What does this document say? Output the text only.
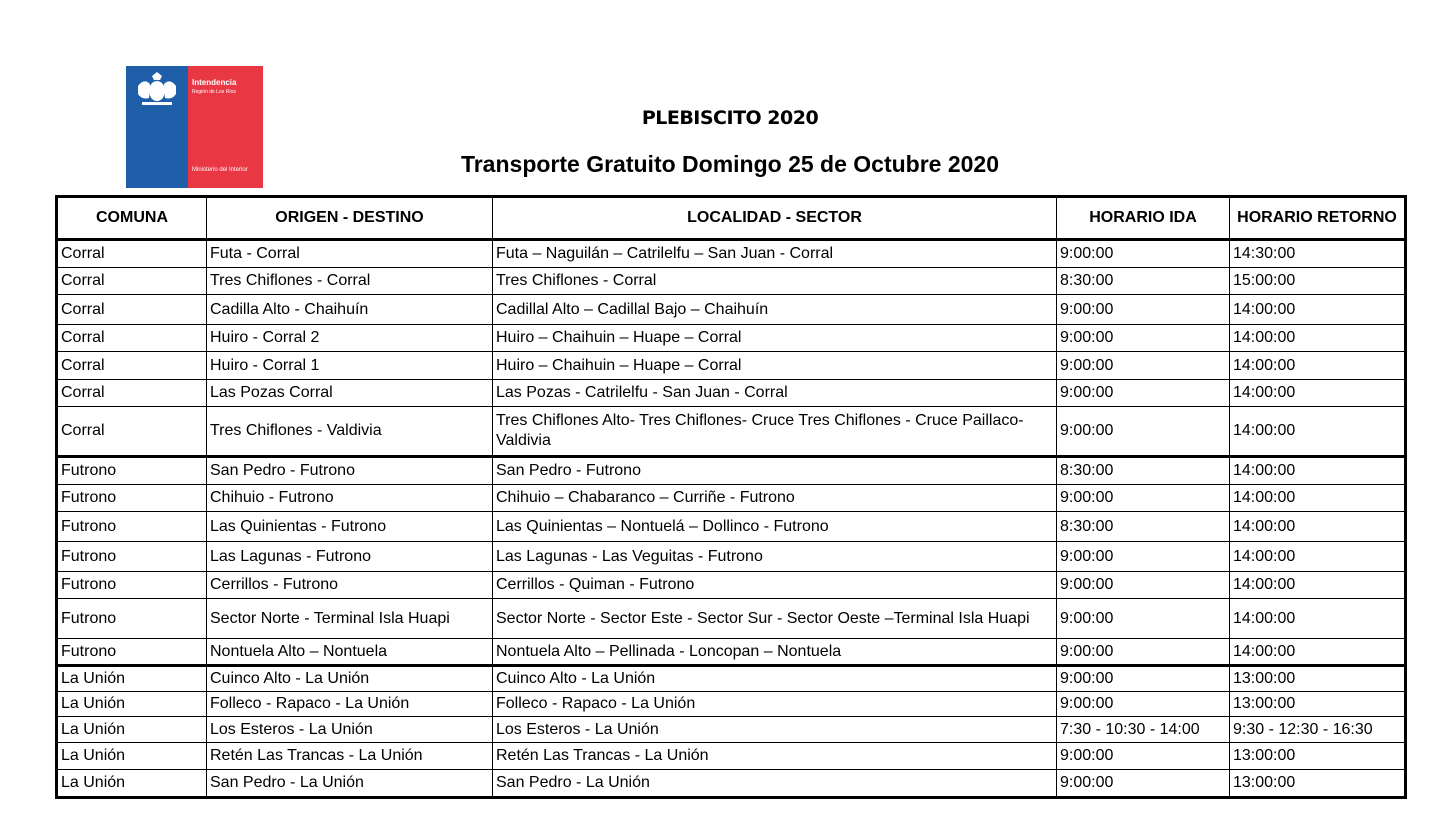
Intendencia
Región de Los Ríos
Ministerio del Interior
PLEBISCITO 2020
Transporte Gratuito Domingo 25 de Octubre 2020
COMUNA	ORIGEN - DESTINO	LOCALIDAD - SECTOR	HORARIO IDA	HORARIO RETORNO
Corral	Futa - Corral	Futa – Naguilán – Catrilelfu – San Juan - Corral	9:00:00	14:30:00
Corral	Tres Chiflones - Corral	Tres Chiflones - Corral	8:30:00	15:00:00
Corral	Cadilla Alto - Chaihuín	Cadillal Alto – Cadillal Bajo – Chaihuín	9:00:00	14:00:00
Corral	Huiro - Corral 2	Huiro – Chaihuin – Huape – Corral	9:00:00	14:00:00
Corral	Huiro - Corral 1	Huiro – Chaihuin – Huape – Corral	9:00:00	14:00:00
Corral	Las Pozas Corral	Las Pozas - Catrilelfu - San Juan - Corral	9:00:00	14:00:00
Corral	Tres Chiflones - Valdivia	Tres Chiflones Alto- Tres Chiflones- Cruce Tres Chiflones - Cruce Paillaco-Valdivia	9:00:00	14:00:00
Futrono	San Pedro - Futrono	San Pedro - Futrono	8:30:00	14:00:00
Futrono	Chihuio - Futrono	Chihuio – Chabaranco – Curriñe - Futrono	9:00:00	14:00:00
Futrono	Las Quinientas - Futrono	Las Quinientas – Nontuelá – Dollinco - Futrono	8:30:00	14:00:00
Futrono	Las Lagunas - Futrono	Las Lagunas - Las Veguitas - Futrono	9:00:00	14:00:00
Futrono	Cerrillos - Futrono	Cerrillos - Quiman - Futrono	9:00:00	14:00:00
Futrono	Sector Norte - Terminal Isla Huapi	Sector Norte - Sector Este - Sector Sur - Sector Oeste –Terminal Isla Huapi	9:00:00	14:00:00
Futrono	Nontuela Alto – Nontuela	Nontuela Alto – Pellinada - Loncopan – Nontuela	9:00:00	14:00:00
La Unión	Cuinco Alto - La Unión	Cuinco Alto - La Unión	9:00:00	13:00:00
La Unión	Folleco - Rapaco - La Unión	Folleco - Rapaco - La Unión	9:00:00	13:00:00
La Unión	Los Esteros - La Unión	Los Esteros - La Unión	7:30 - 10:30 - 14:00	9:30 - 12:30 - 16:30
La Unión	Retén Las Trancas - La Unión	Retén Las Trancas - La Unión	9:00:00	13:00:00
La Unión	San Pedro - La Unión	San Pedro - La Unión	9:00:00	13:00:00
